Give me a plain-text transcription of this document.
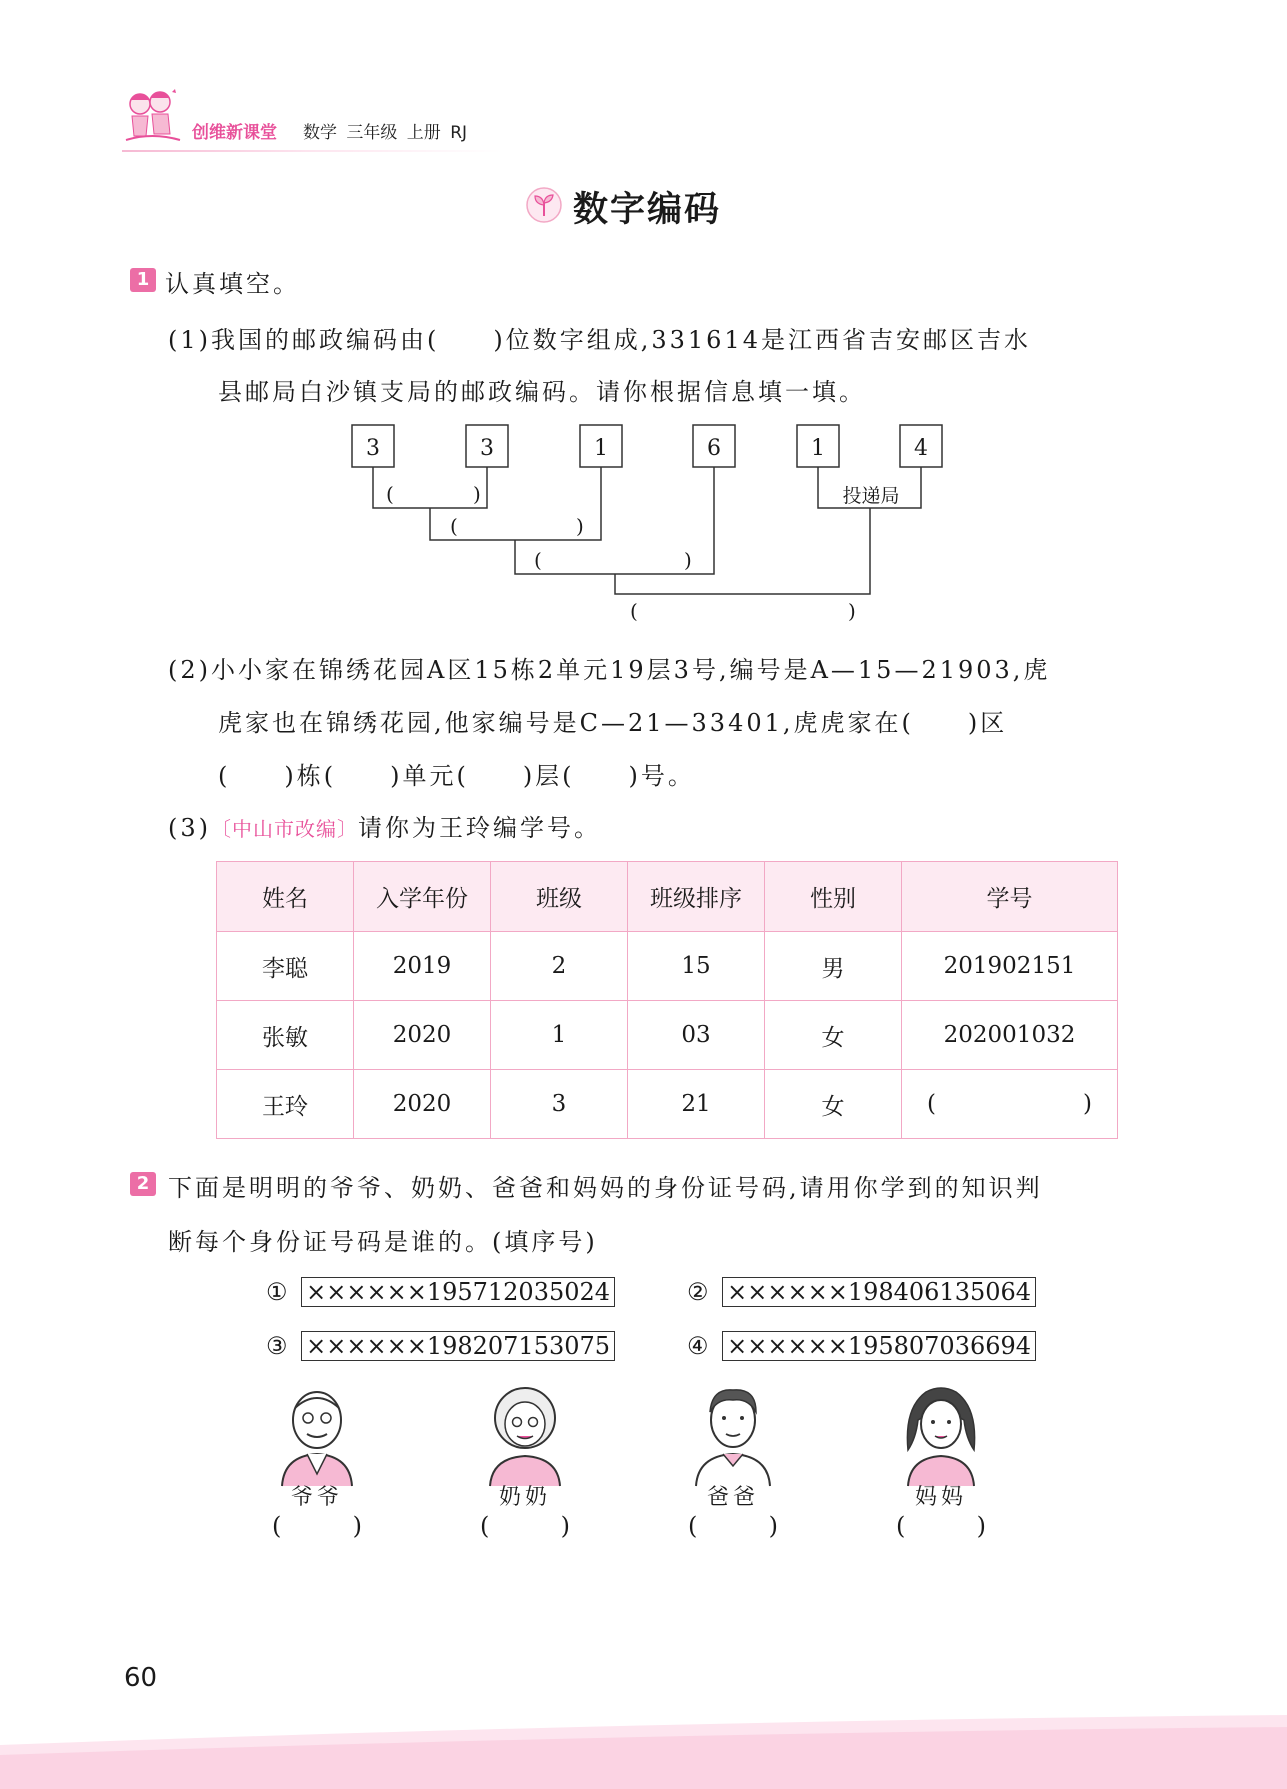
创维新课堂 数学 三年级 上册 RJ
数字编码
1 认真填空。
(1)我国的邮政编码由(　　)位数字组成,331614是江西省吉安邮区吉水
县邮局白沙镇支局的邮政编码。请你根据信息填一填。
3	3	1	6	1	4
(	)
(	)
(	)
(	)
投递局
(2)小小家在锦绣花园A区15栋2单元19层3号,编号是A—15—21903,虎
虎家也在锦绣花园,他家编号是C—21—33401,虎虎家在(　　)区
(　　)栋(　　)单元(　　)层(　　)号。
(3)〔中山市改编〕请你为王玲编学号。
姓名	入学年份	班级	班级排序	性别	学号
李聪	2019	2	15	男	201902151
张敏	2020	1	03	女	202001032
王玲	2020	3	21	女	( )
2 下面是明明的爷爷、奶奶、爸爸和妈妈的身份证号码,请用你学到的知识判
断每个身份证号码是谁的。(填序号)
① ××××××195712035024	② ××××××198406135064
③ ××××××198207153075	④ ××××××195807036694
爷爷	奶奶	爸爸	妈妈
(	)	(	)	(	)	(	)
60
